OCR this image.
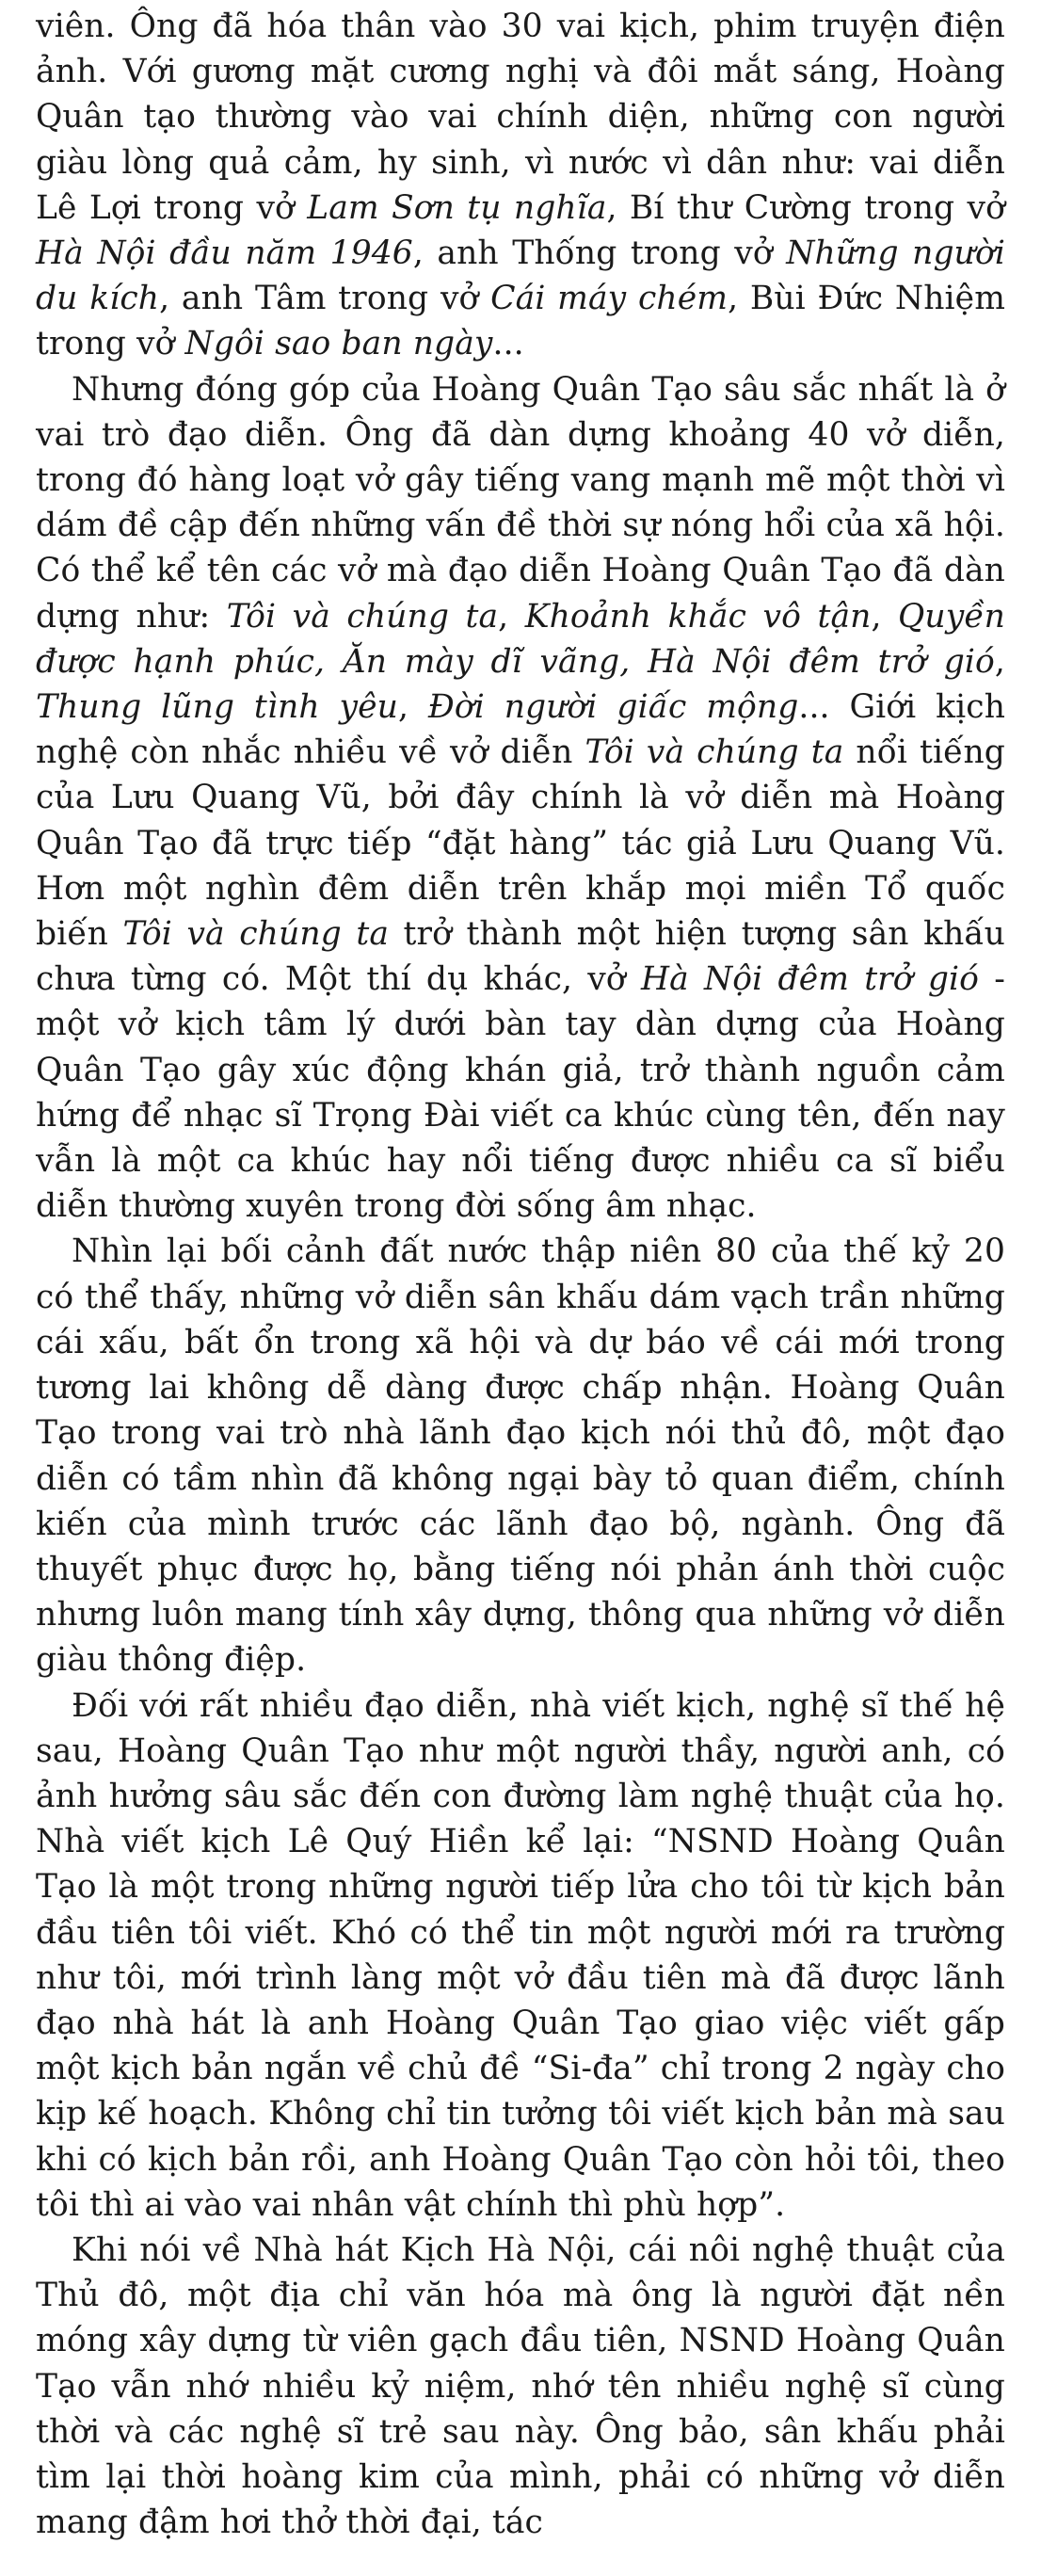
viên. Ông đã hóa thân vào 30 vai kịch, phim truyện điện ảnh. Với gương mặt cương nghị và đôi mắt sáng, Hoàng Quân tạo thường vào vai chính diện, những con người giàu lòng quả cảm, hy sinh, vì nước vì dân như: vai diễn Lê Lợi trong vở Lam Sơn tụ nghĩa, Bí thư Cường trong vở Hà Nội đầu năm 1946, anh Thống trong vở Những người du kích, anh Tâm trong vở Cái máy chém, Bùi Đức Nhiệm trong vở Ngôi sao ban ngày...

Nhưng đóng góp của Hoàng Quân Tạo sâu sắc nhất là ở vai trò đạo diễn. Ông đã dàn dựng khoảng 40 vở diễn, trong đó hàng loạt vở gây tiếng vang mạnh mẽ một thời vì dám đề cập đến những vấn đề thời sự nóng hổi của xã hội. Có thể kể tên các vở mà đạo diễn Hoàng Quân Tạo đã dàn dựng như: Tôi và chúng ta, Khoảnh khắc vô tận, Quyền được hạnh phúc, Ăn mày dĩ vãng, Hà Nội đêm trở gió, Thung lũng tình yêu, Đời người giấc mộng... Giới kịch nghệ còn nhắc nhiều về vở diễn Tôi và chúng ta nổi tiếng của Lưu Quang Vũ, bởi đây chính là vở diễn mà Hoàng Quân Tạo đã trực tiếp “đặt hàng” tác giả Lưu Quang Vũ. Hơn một nghìn đêm diễn trên khắp mọi miền Tổ quốc biến Tôi và chúng ta trở thành một hiện tượng sân khấu chưa từng có. Một thí dụ khác, vở Hà Nội đêm trở gió - một vở kịch tâm lý dưới bàn tay dàn dựng của Hoàng Quân Tạo gây xúc động khán giả, trở thành nguồn cảm hứng để nhạc sĩ Trọng Đài viết ca khúc cùng tên, đến nay vẫn là một ca khúc hay nổi tiếng được nhiều ca sĩ biểu diễn thường xuyên trong đời sống âm nhạc.

Nhìn lại bối cảnh đất nước thập niên 80 của thế kỷ 20 có thể thấy, những vở diễn sân khấu dám vạch trần những cái xấu, bất ổn trong xã hội và dự báo về cái mới trong tương lai không dễ dàng được chấp nhận. Hoàng Quân Tạo trong vai trò nhà lãnh đạo kịch nói thủ đô, một đạo diễn có tầm nhìn đã không ngại bày tỏ quan điểm, chính kiến của mình trước các lãnh đạo bộ, ngành. Ông đã thuyết phục được họ, bằng tiếng nói phản ánh thời cuộc nhưng luôn mang tính xây dựng, thông qua những vở diễn giàu thông điệp.

Đối với rất nhiều đạo diễn, nhà viết kịch, nghệ sĩ thế hệ sau, Hoàng Quân Tạo như một người thầy, người anh, có ảnh hưởng sâu sắc đến con đường làm nghệ thuật của họ. Nhà viết kịch Lê Quý Hiền kể lại: “NSND Hoàng Quân Tạo là một trong những người tiếp lửa cho tôi từ kịch bản đầu tiên tôi viết. Khó có thể tin một người mới ra trường như tôi, mới trình làng một vở đầu tiên mà đã được lãnh đạo nhà hát là anh Hoàng Quân Tạo giao việc viết gấp một kịch bản ngắn về chủ đề “Si-đa” chỉ trong 2 ngày cho kịp kế hoạch. Không chỉ tin tưởng tôi viết kịch bản mà sau khi có kịch bản rồi, anh Hoàng Quân Tạo còn hỏi tôi, theo tôi thì ai vào vai nhân vật chính thì phù hợp”.

Khi nói về Nhà hát Kịch Hà Nội, cái nôi nghệ thuật của Thủ đô, một địa chỉ văn hóa mà ông là người đặt nền móng xây dựng từ viên gạch đầu tiên, NSND Hoàng Quân Tạo vẫn nhớ nhiều kỷ niệm, nhớ tên nhiều nghệ sĩ cùng thời và các nghệ sĩ trẻ sau này. Ông bảo, sân khấu phải tìm lại thời hoàng kim của mình, phải có những vở diễn mang đậm hơi thở thời đại, tác
